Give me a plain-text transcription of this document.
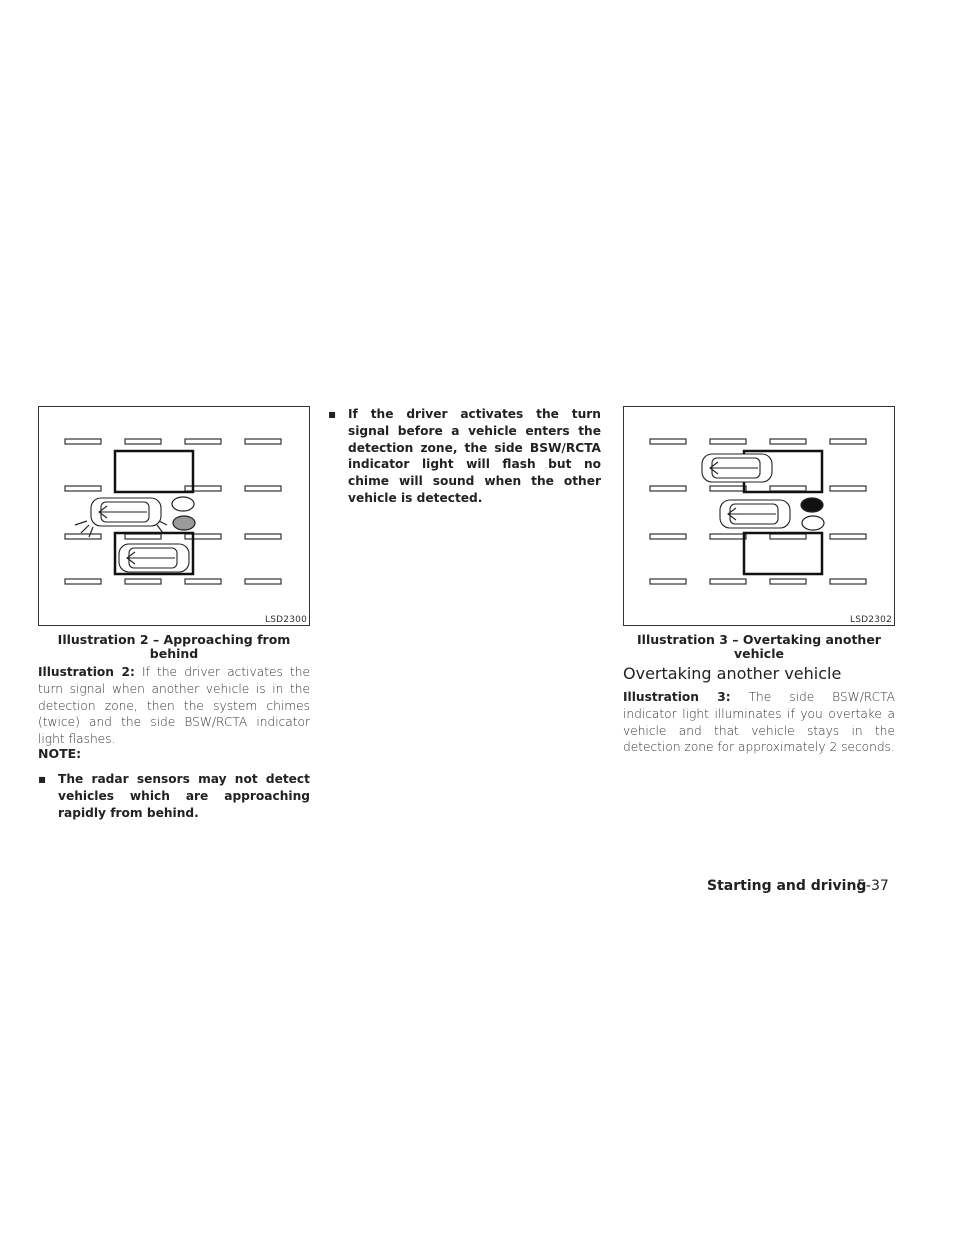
LSD2300
Illustration 2 – Approaching from behind
Illustration 2: If the driver activates the turn signal when another vehicle is in the detection zone, then the system chimes (twice) and the side BSW/RCTA indicator light flashes.
NOTE:
▪ The radar sensors may not detect vehicles which are approaching rapidly from behind.
▪ If the driver activates the turn signal before a vehicle enters the detection zone, the side BSW/RCTA indicator light will flash but no chime will sound when the other vehicle is detected.
LSD2302
Illustration 3 – Overtaking another vehicle
Overtaking another vehicle
Illustration 3: The side BSW/RCTA indicator light illuminates if you overtake a vehicle and that vehicle stays in the detection zone for approximately 2 seconds.
Starting and driving
5-37
